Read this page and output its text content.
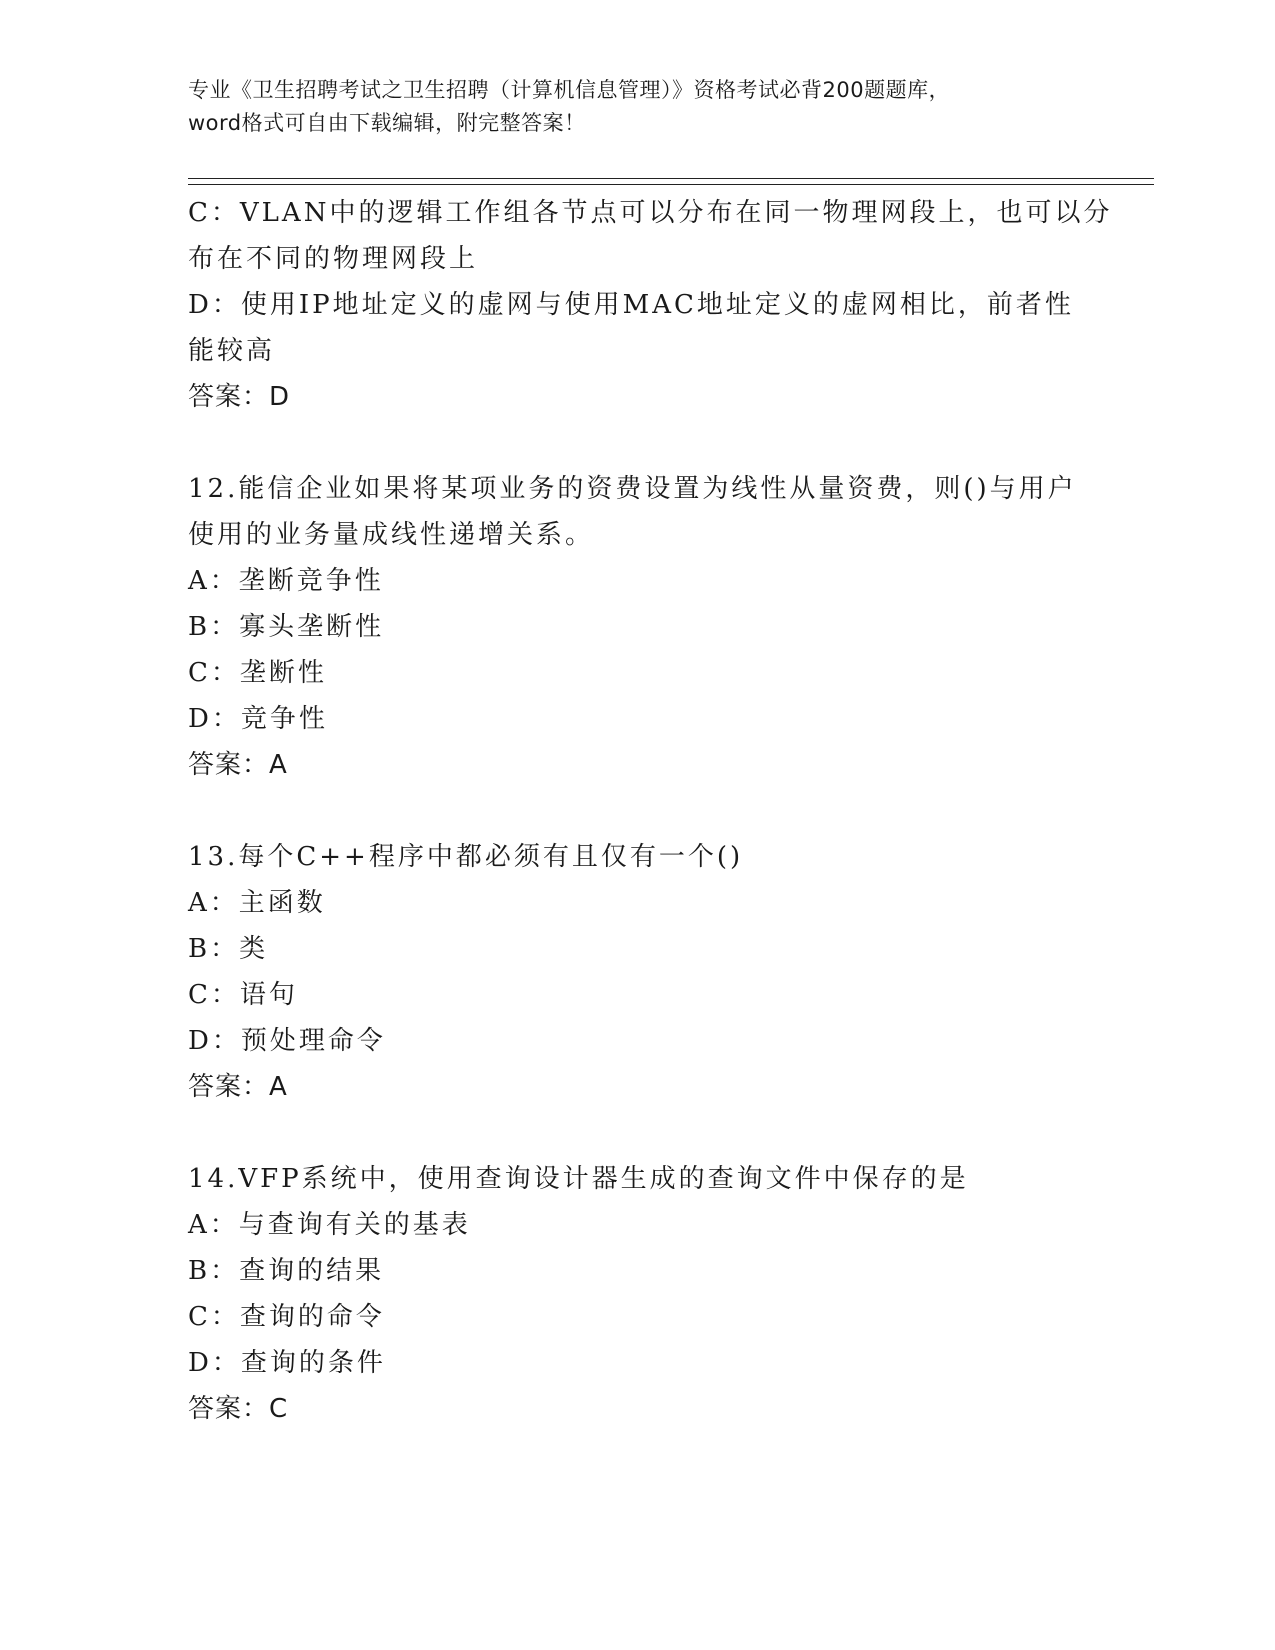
专业《卫生招聘考试之卫生招聘（计算机信息管理）》资格考试必背200题题库，
word格式可自由下载编辑，附完整答案！
C：VLAN中的逻辑工作组各节点可以分布在同一物理网段上，也可以分
布在不同的物理网段上
D：使用IP地址定义的虚网与使用MAC地址定义的虚网相比，前者性
能较高
答案：D
12.能信企业如果将某项业务的资费设置为线性从量资费，则()与用户
使用的业务量成线性递增关系。
A：垄断竞争性
B：寡头垄断性
C：垄断性
D：竞争性
答案：A
13.每个C++程序中都必须有且仅有一个()
A：主函数
B：类
C：语句
D：预处理命令
答案：A
14.VFP系统中，使用查询设计器生成的查询文件中保存的是
A：与查询有关的基表
B：查询的结果
C：查询的命令
D：查询的条件
答案：C
